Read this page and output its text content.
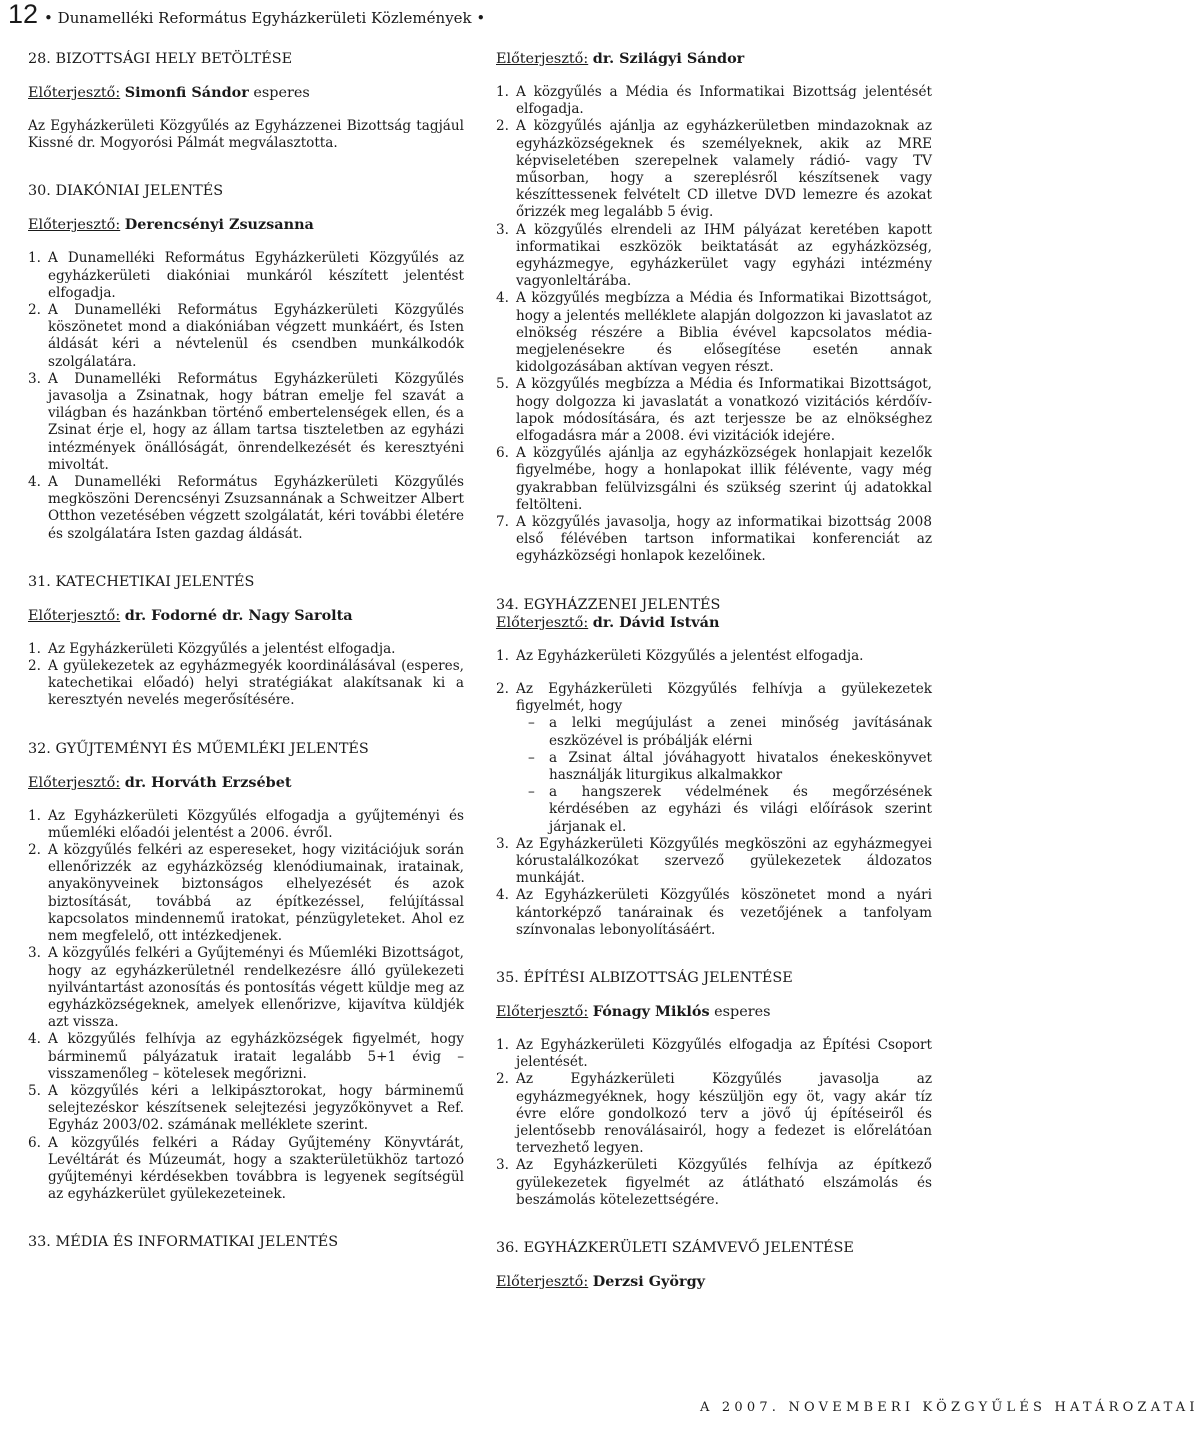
12 • Dunamelléki Református Egyházkerületi Közlemények •
28. BIZOTTSÁGI HELY BETÖLTÉSE

Előterjesztő: Simonfi Sándor esperes

Az Egyházkerületi Közgyűlés az Egyházzenei Bizottság tagjául Kissné dr. Mogyorósi Pálmát megválasztotta.

30. DIAKÓNIAI JELENTÉS

Előterjesztő: Derencsényi Zsuzsanna

1. A Dunamelléki Református Egyházkerületi Közgyűlés az egyházkerületi diakóniai munkáról készített jelentést elfogadja.
2. A Dunamelléki Református Egyházkerületi Közgyűlés köszönetet mond a diakóniában végzett munkáért, és Isten áldását kéri a névtelenül és csendben munkálkodók szolgálatára.
3. A Dunamelléki Református Egyházkerületi Közgyűlés javasolja a Zsinatnak, hogy bátran emelje fel szavát a világban és hazánkban történő embertelenségek ellen, és a Zsinat érje el, hogy az állam tartsa tiszteletben az egyházi intézmények önállóságát, önrendelkezését és keresztyéni mivoltát.
4. A Dunamelléki Református Egyházkerületi Közgyűlés megköszöni Derencsényi Zsuzsannának a Schweitzer Albert Otthon vezetésében végzett szolgálatát, kéri további életére és szolgálatára Isten gazdag áldását.
31. KATECHETIKAI JELENTÉS

Előterjesztő: dr. Fodorné dr. Nagy Sarolta

1. Az Egyházkerületi Közgyűlés a jelentést elfogadja.
2. A gyülekezetek az egyházmegyék koordinálásával (esperes, katechetikai előadó) helyi stratégiákat alakítsanak ki a keresztyén nevelés megerősítésére.
32. GYŰJTEMÉNYI ÉS MŰEMLÉKI JELENTÉS

Előterjesztő: dr. Horváth Erzsébet

1. Az Egyházkerületi Közgyűlés elfogadja a gyűjteményi és műemléki előadói jelentést a 2006. évről.
2. A közgyűlés felkéri az espereseket, hogy vizitációjuk során ellenőrizzék az egyházközség klenódiumainak, iratainak, anyakönyveinek biztonságos elhelyezését és azok biztosítását, továbbá az építkezéssel, felújítással kapcsolatos mindennemű iratokat, pénzügyleteket. Ahol ez nem megfelelő, ott intézkedjenek.
3. A közgyűlés felkéri a Gyűjteményi és Műemléki Bizottságot, hogy az egyházkerületnél rendelkezésre álló gyülekezeti nyilvántartást azonosítás és pontosítás végett küldje meg az egyházközségeknek, amelyek ellenőrizve, kijavítva küldjék azt vissza.
4. A közgyűlés felhívja az egyházközségek figyelmét, hogy bárminemű pályázatuk iratait legalább 5+1 évig – visszamenőleg – kötelesek megőrizni.
5. A közgyűlés kéri a lelkipásztorokat, hogy bárminemű selejtezéskor készítsenek selejtezési jegyzőkönyvet a Ref. Egyház 2003/02. számának melléklete szerint.
6. A közgyűlés felkéri a Ráday Gyűjtemény Könyvtárát, Levéltárát és Múzeumát, hogy a szakterületükhöz tartozó gyűjteményi kérdésekben továbbra is legyenek segítségül az egyházkerület gyülekezeteinek.
33. MÉDIA ÉS INFORMATIKAI JELENTÉS

Előterjesztő: dr. Szilágyi Sándor

1. A közgyűlés a Média és Informatikai Bizottság jelentését elfogadja.
2. A közgyűlés ajánlja az egyházkerületben mindazoknak az egyházközségeknek és személyeknek, akik az MRE képviseletében szerepelnek valamely rádió- vagy TV műsorban, hogy a szereplésről készítsenek vagy készíttessenek felvételt CD illetve DVD lemezre és azokat őrizzék meg legalább 5 évig.
3. A közgyűlés elrendeli az IHM pályázat keretében kapott informatikai eszközök beiktatását az egyházközség, egyházmegye, egyházkerület vagy egyházi intézmény vagyonleltárába.
4. A közgyűlés megbízza a Média és Informatikai Bizottságot, hogy a jelentés melléklete alapján dolgozzon ki javaslatot az elnökség részére a Biblia évével kapcsolatos média-megjelenésekre és elősegítése esetén annak kidolgozásában aktívan vegyen részt.
5. A közgyűlés megbízza a Média és Informatikai Bizottságot, hogy dolgozza ki javaslatát a vonatkozó vizitációs kérdőív-lapok módosítására, és azt terjessze be az elnökséghez elfogadásra már a 2008. évi vizitációk idejére.
6. A közgyűlés ajánlja az egyházközségek honlapjait kezelők figyelmébe, hogy a honlapokat illik félévente, vagy még gyakrabban felülvizsgálni és szükség szerint új adatokkal feltölteni.
7. A közgyűlés javasolja, hogy az informatikai bizottság 2008 első félévében tartson informatikai konferenciát az egyházközségi honlapok kezelőinek.
34. EGYHÁZZENEI JELENTÉS

Előterjesztő: dr. Dávid István

1. Az Egyházkerületi Közgyűlés a jelentést elfogadja.
2. Az Egyházkerületi Közgyűlés felhívja a gyülekezetek figyelmét, hogy
– a lelki megújulást a zenei minőség javításának eszközével is próbálják elérni
– a Zsinat által jóváhagyott hivatalos énekeskönyvet használják liturgikus alkalmakkor
– a hangszerek védelmének és megőrzésének kérdésében az egyházi és világi előírások szerint járjanak el.
3. Az Egyházkerületi Közgyűlés megköszöni az egyházmegyei kórustalálkozókat szervező gyülekezetek áldozatos munkáját.
4. Az Egyházkerületi Közgyűlés köszönetet mond a nyári kántorképző tanárainak és vezetőjének a tanfolyam színvonalas lebonyolításáért.
35. ÉPÍTÉSI ALBIZOTTSÁG JELENTÉSE

Előterjesztő: Fónagy Miklós esperes

1. Az Egyházkerületi Közgyűlés elfogadja az Építési Csoport jelentését.
2. Az Egyházkerületi Közgyűlés javasolja az egyházmegyéknek, hogy készüljön egy öt, vagy akár tíz évre előre gondolkozó terv a jövő új építéseiről és jelentősebb renoválásairól, hogy a fedezet is előrelátóan tervezhető legyen.
3. Az Egyházkerületi Közgyűlés felhívja az építkező gyülekezetek figyelmét az átlátható elszámolás és beszámolás kötelezettségére.
36. EGYHÁZKERÜLETI SZÁMVEVŐ JELENTÉSE

Előterjesztő: Derzsi György

A 2007. NOVEMBERI KÖZGYŰLÉS HATÁROZATAI
